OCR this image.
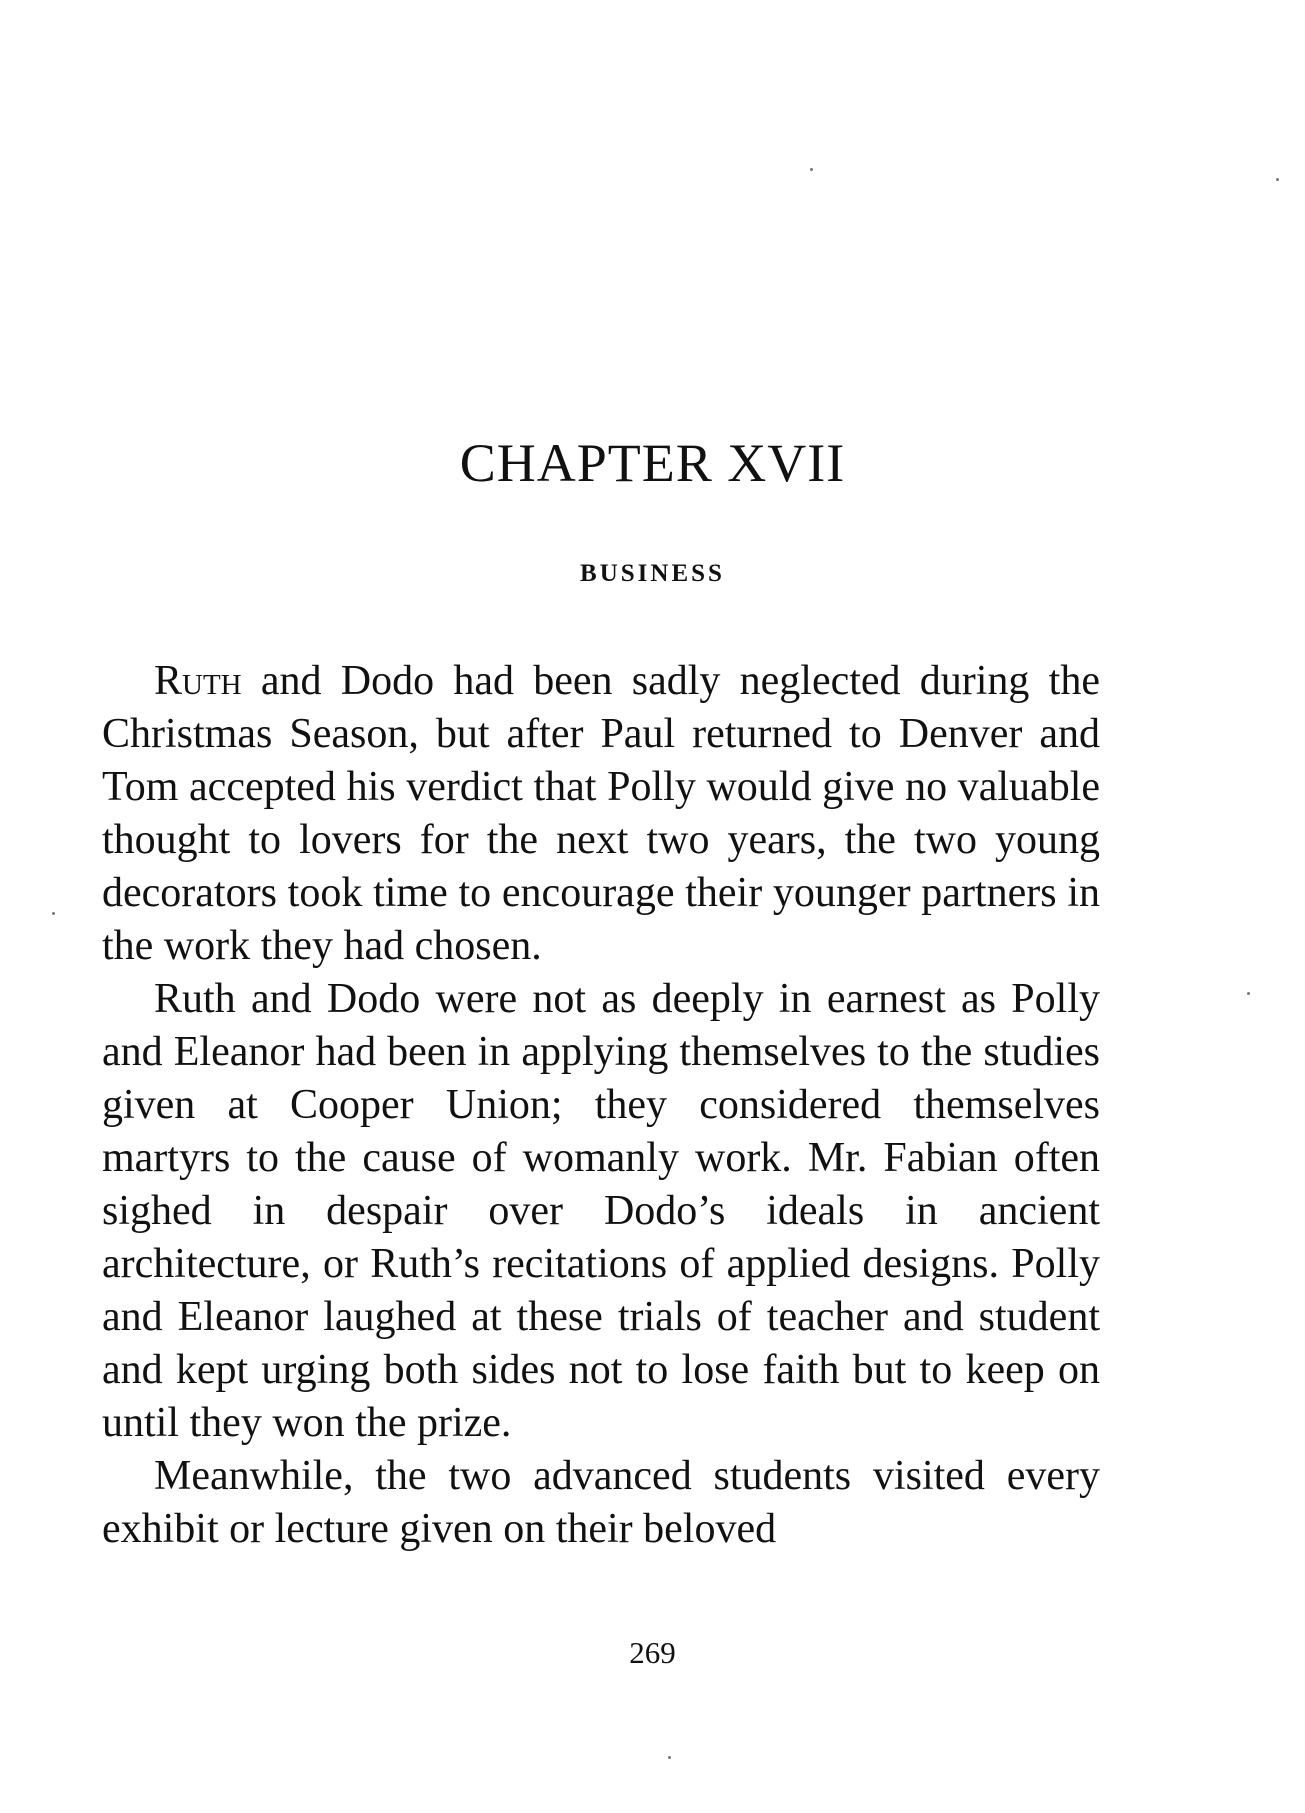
CHAPTER XVII
BUSINESS

Ruth and Dodo had been sadly neglected during the Christmas Season, but after Paul returned to Denver and Tom accepted his verdict that Polly would give no valuable thought to lovers for the next two years, the two young decorators took time to encourage their younger partners in the work they had chosen.

Ruth and Dodo were not as deeply in earnest as Polly and Eleanor had been in applying themselves to the studies given at Cooper Union; they considered themselves martyrs to the cause of womanly work. Mr. Fabian often sighed in despair over Dodo’s ideals in ancient architecture, or Ruth’s recitations of applied designs. Polly and Eleanor laughed at these trials of teacher and student and kept urging both sides not to lose faith but to keep on until they won the prize.

Meanwhile, the two advanced students visited every exhibit or lecture given on their beloved

269
